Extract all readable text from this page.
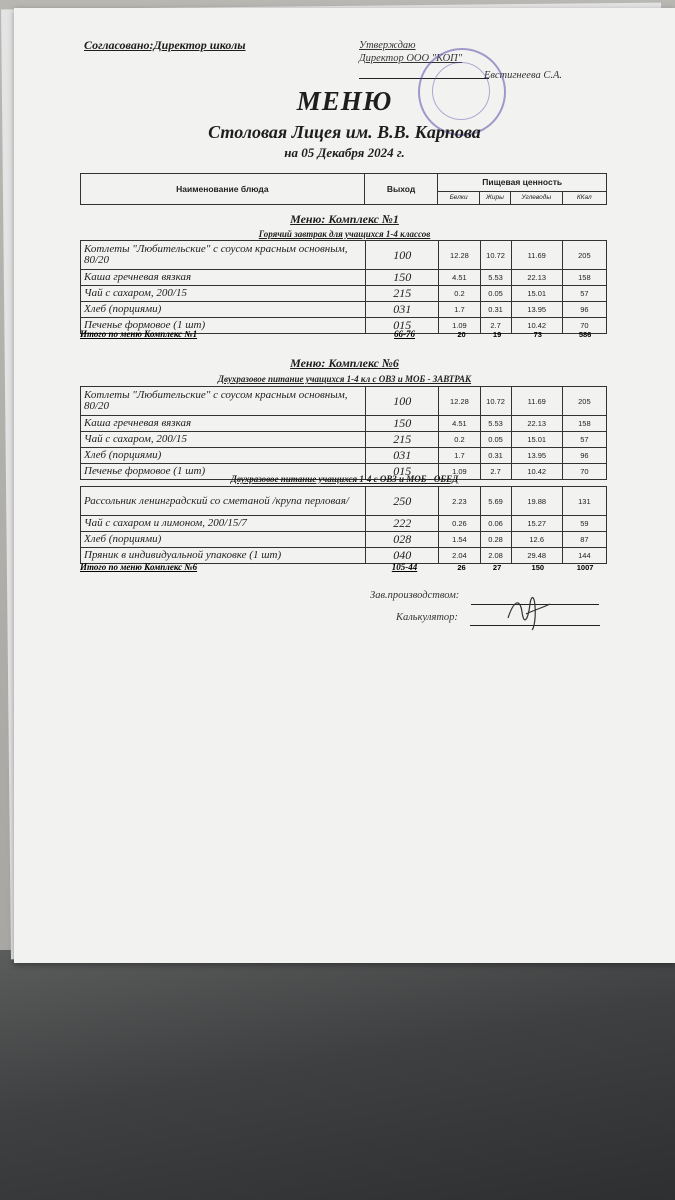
Согласовано:Директор школы	Утверждаю
Директор ООО "КОП"
Евстигнеева С.А.
МЕНЮ
Столовая Лицея им. В.В. Карпова
на 05 Декабря 2024 г.
Наименование блюда	Выход	Пищевая ценность			
		Белки	Жиры	Углеводы	ККал
Меню: Комплекс №1
Горячий завтрак для учащихся 1-4 классов
Котлеты "Любительские" с соусом красным основным, 80/20	100	12.28	10.72	11.69	205
Каша гречневая вязкая	150	4.51	5.53	22.13	158
Чай с сахаром, 200/15	215	0.2	0.05	15.01	57
Хлеб (порциями)	031	1.7	0.31	13.95	96
Печенье формовое (1 шт)	015	1.09	2.7	10.42	70
Итого по меню Комплекс №1	66-76	20	19	73	586
Меню: Комплекс №6
Двухразовое питание учащихся 1-4 кл с ОВЗ и МОБ - ЗАВТРАК
Котлеты "Любительские" с соусом красным основным, 80/20	100	12.28	10.72	11.69	205
Каша гречневая вязкая	150	4.51	5.53	22.13	158
Чай с сахаром, 200/15	215	0.2	0.05	15.01	57
Хлеб (порциями)	031	1.7	0.31	13.95	96
Печенье формовое (1 шт)	015	1.09	2.7	10.42	70
Двухразовое питание учащихся 1-4 с ОВЗ и МОБ - ОБЕД
Рассольник ленинградский со сметаной /крупа перловая/	250	2.23	5.69	19.88	131
Чай с сахаром и лимоном, 200/15/7	222	0.26	0.06	15.27	59
Хлеб (порциями)	028	1.54	0.28	12.6	87
Пряник в индивидуальной упаковке (1 шт)	040	2.04	2.08	29.48	144
Итого по меню Комплекс №6	105-44	26	27	150	1007
Зав.производством:
Калькулятор:
